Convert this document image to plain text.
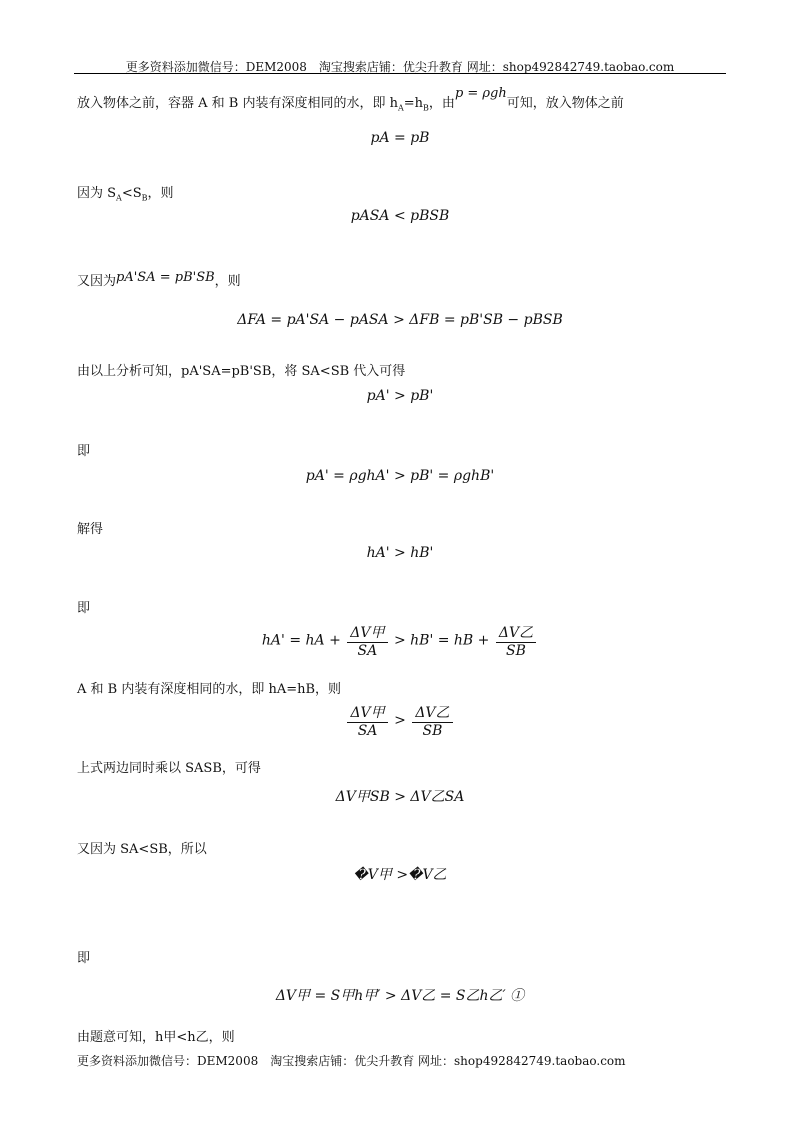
更多资料添加微信号：DEM2008　淘宝搜索店铺：优尖升教育 网址：shop492842749.taobao.com
放入物体之前，容器 A 和 B 内装有深度相同的水，即 $h_A=h_B$，由p = ρgh可知，放入物体之前
pA = pB
因为 $S_A<S_B$，则
pASA < pBSB
又因为pA'SA = pB'SB，则
ΔFA = pA'SA − pASA > ΔFB = pB'SB − pBSB
由以上分析可知，pA'SA=pB'SB，将 SA<SB 代入可得
pA' > pB'
即
pA' = ρghA' > pB' = ρghB'
解得
hA' > hB'
即
hA' = hA + $\frac{\text{ΔV甲}}{SA} > hB'$ = hB + $\frac{\text{ΔV乙}}{SB}$
A 和 B 内装有深度相同的水，即 hA=hB，则
$\frac{\text{ΔV甲}}{SA} > \frac{\text{ΔV乙}}{SB}$
上式两边同时乘以 SASB，可得
ΔV甲SB > ΔV乙SA
又因为 SA<SB，所以
�V甲 >�V乙
即
ΔV甲 = S甲h甲′ > ΔV乙 = S乙h乙′ ①
由题意可知，h甲<h乙，则
更多资料添加微信号：DEM2008　淘宝搜索店铺：优尖升教育 网址：shop492842749.taobao.com
